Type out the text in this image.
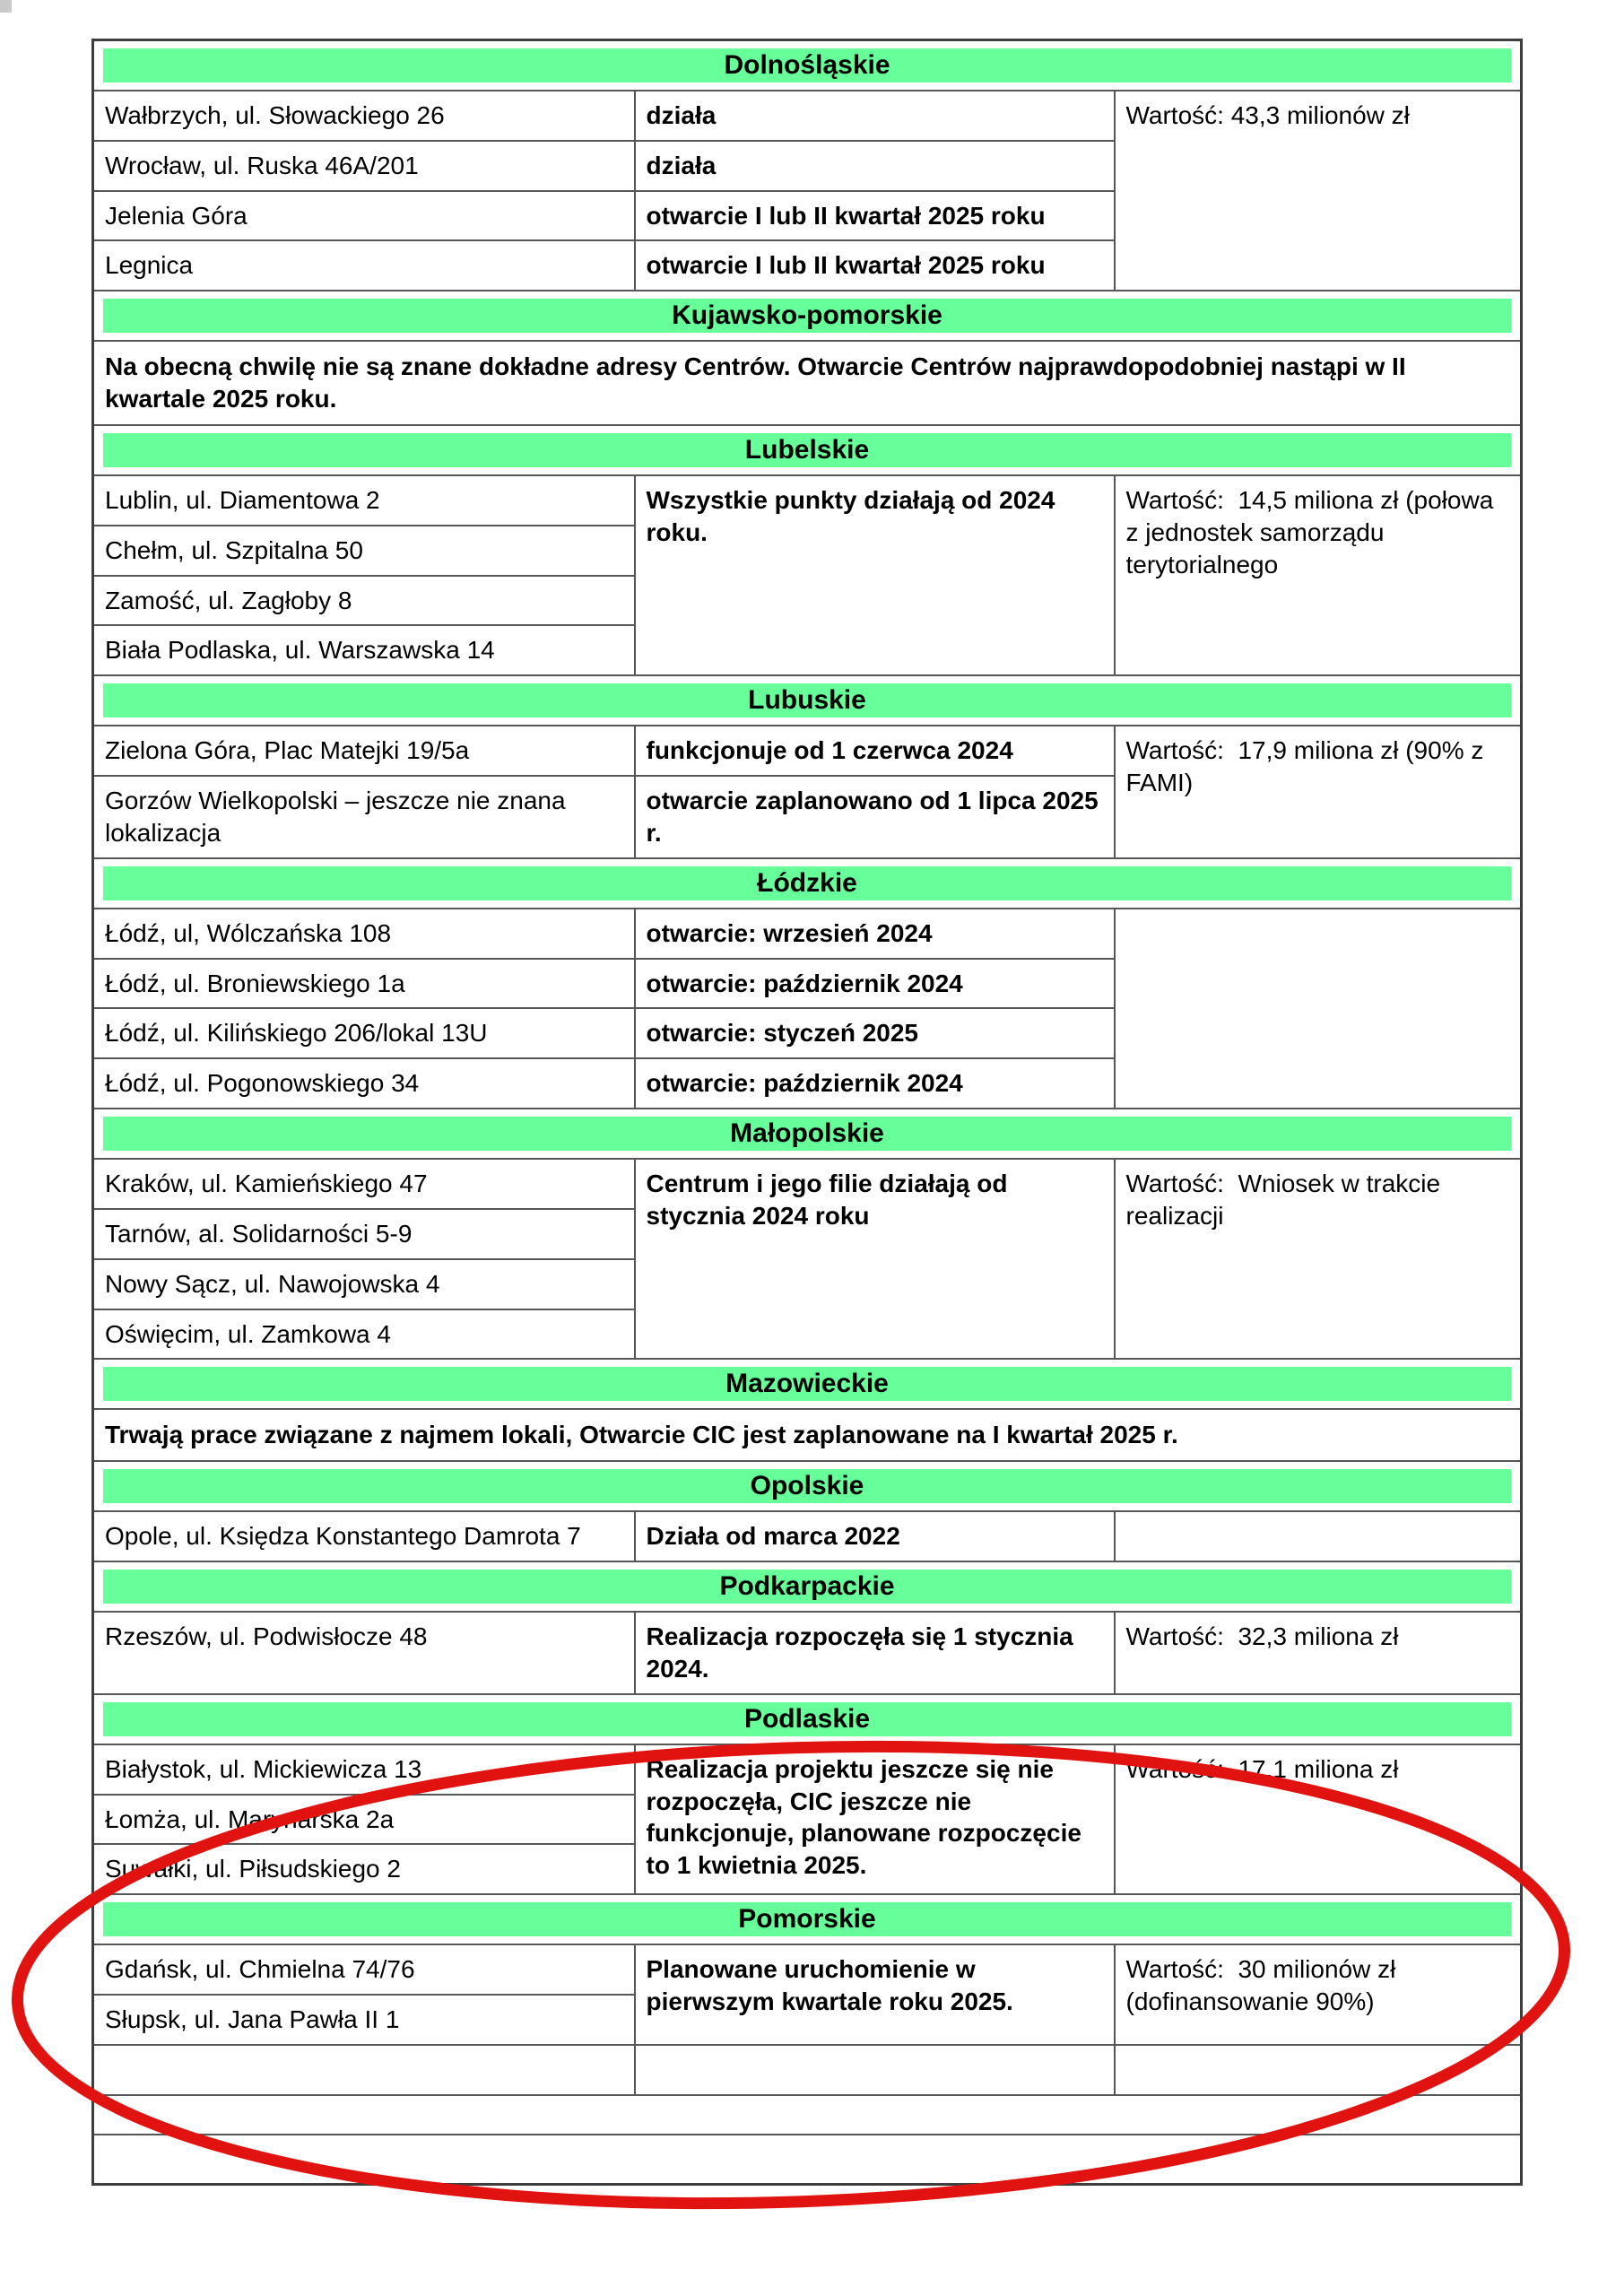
Dolnośląskie		

Wałbrzych, ul. Słowackiego 26	działa	Wartość: 43,3 milionów zł
Wrocław, ul. Ruska 46A/201	działa	
Jelenia Góra	otwarcie I lub II kwartał 2025 roku	
Legnica	otwarcie I lub II kwartał 2025 roku	

Kujawsko-pomorskie		

Na obecną chwilę nie są znane dokładne adresy Centrów. Otwarcie Centrów najprawdopodobniej nastąpi w II kwartale 2025 roku.		

Lubelskie		

Lublin, ul. Diamentowa 2	Wszystkie punkty działają od 2024 roku.	Wartość:  14,5 miliona zł (połowa z jednostek samorządu terytorialnego
Chełm, ul. Szpitalna 50		
Zamość, ul. Zagłoby 8		
Biała Podlaska, ul. Warszawska 14		

Lubuskie		

Zielona Góra, Plac Matejki 19/5a	funkcjonuje od 1 czerwca 2024	Wartość:  17,9 miliona zł (90% z FAMI)
Gorzów Wielkopolski – jeszcze nie znana lokalizacja	otwarcie zaplanowano od 1 lipca 2025 r.	

Łódzkie		

Łódź, ul, Wólczańska 108	otwarcie: wrzesień 2024	
Łódź, ul. Broniewskiego 1a	otwarcie: październik 2024	
Łódź, ul. Kilińskiego 206/lokal 13U	otwarcie: styczeń 2025	
Łódź, ul. Pogonowskiego 34	otwarcie: październik 2024	

Małopolskie		

Kraków, ul. Kamieńskiego 47	Centrum i jego filie działają od stycznia 2024 roku	Wartość:  Wniosek w trakcie realizacji
Tarnów, al. Solidarności 5-9		
Nowy Sącz, ul. Nawojowska 4		
Oświęcim, ul. Zamkowa 4		

Mazowieckie		

Trwają prace związane z najmem lokali, Otwarcie CIC jest zaplanowane na I kwartał 2025 r.		

Opolskie		

Opole, ul. Księdza Konstantego Damrota 7	Działa od marca 2022	

Podkarpackie		

Rzeszów, ul. Podwisłocze 48	Realizacja rozpoczęła się 1 stycznia 2024.	Wartość:  32,3 miliona zł

Podlaskie		

Białystok, ul. Mickiewicza 13	Realizacja projektu jeszcze się nie rozpoczęła, CIC jeszcze nie funkcjonuje, planowane rozpoczęcie to 1 kwietnia 2025.	Wartość:  17,1 miliona zł
Łomża, ul. Marynarska 2a		
Suwałki, ul. Piłsudskiego 2		

Pomorskie		

Gdańsk, ul. Chmielna 74/76	Planowane uruchomienie w pierwszym kwartale roku 2025.	Wartość:  30 milionów zł (dofinansowanie 90%)
Słupsk, ul. Jana Pawła II 1		
